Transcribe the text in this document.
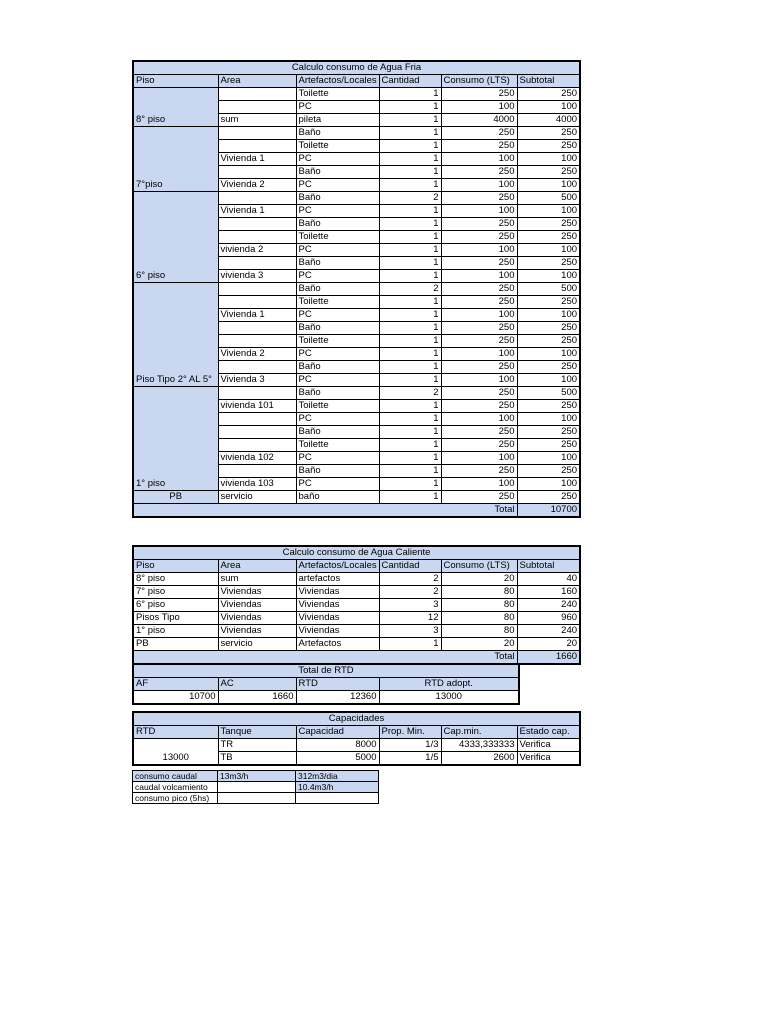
Calculo consumo de Agua Fria					
Piso	Area	Artefactos/Locales	Cantidad	Consumo (LTS)	Subtotal
8° piso		Toilette	1	250	250
		PC	1	100	100
	sum	pileta	1	4000	4000
7°piso		Baño	1	250	250
		Toilette	1	250	250
	Vivienda 1	PC	1	100	100
		Baño	1	250	250
	Vivienda 2	PC	1	100	100
6° piso		Baño	2	250	500
	Vivienda 1	PC	1	100	100
		Baño	1	250	250
		Toilette	1	250	250
	vivienda 2	PC	1	100	100
		Baño	1	250	250
	vivienda 3	PC	1	100	100
Piso Tipo 2° AL 5°		Baño	2	250	500
		Toilette	1	250	250
	Vivienda 1	PC	1	100	100
		Baño	1	250	250
		Toilette	1	250	250
	Vivienda 2	PC	1	100	100
		Baño	1	250	250
	Vivienda 3	PC	1	100	100
1° piso		Baño	2	250	500
	vivienda 101	Toilette	1	250	250
		PC	1	100	100
		Baño	1	250	250
		Toilette	1	250	250
	vivienda 102	PC	1	100	100
		Baño	1	250	250
	vivienda 103	PC	1	100	100
PB	servicio	baño	1	250	250
Total					10700
Calculo consumo de Agua Caliente					
Piso	Area	Artefactos/Locales	Cantidad	Consumo (LTS)	Subtotal
8° piso	sum	artefactos	2	20	40
7° piso	Viviendas	Viviendas	2	80	160
6° piso	Viviendas	Viviendas	3	80	240
Pisos Tipo	Viviendas	Viviendas	12	80	960
1° piso	Viviendas	Viviendas	3	80	240
PB	servicio	Artefactos	1	20	20
Total					1660
Total de RTD			
AF	AC	RTD	RTD adopt.
10700	1660	12360	13000
Capacidades					
RTD	Tanque	Capacidad	Prop. Min.	Cap.min.	Estado cap.
13000	TR	8000	1/3	4333,333333	Verifica
	TB	5000	1/5	2600	Verifica
consumo caudal	13m3/h	312m3/dia
caudal volcamiento		10.4m3/h
consumo pico (5hs)		
